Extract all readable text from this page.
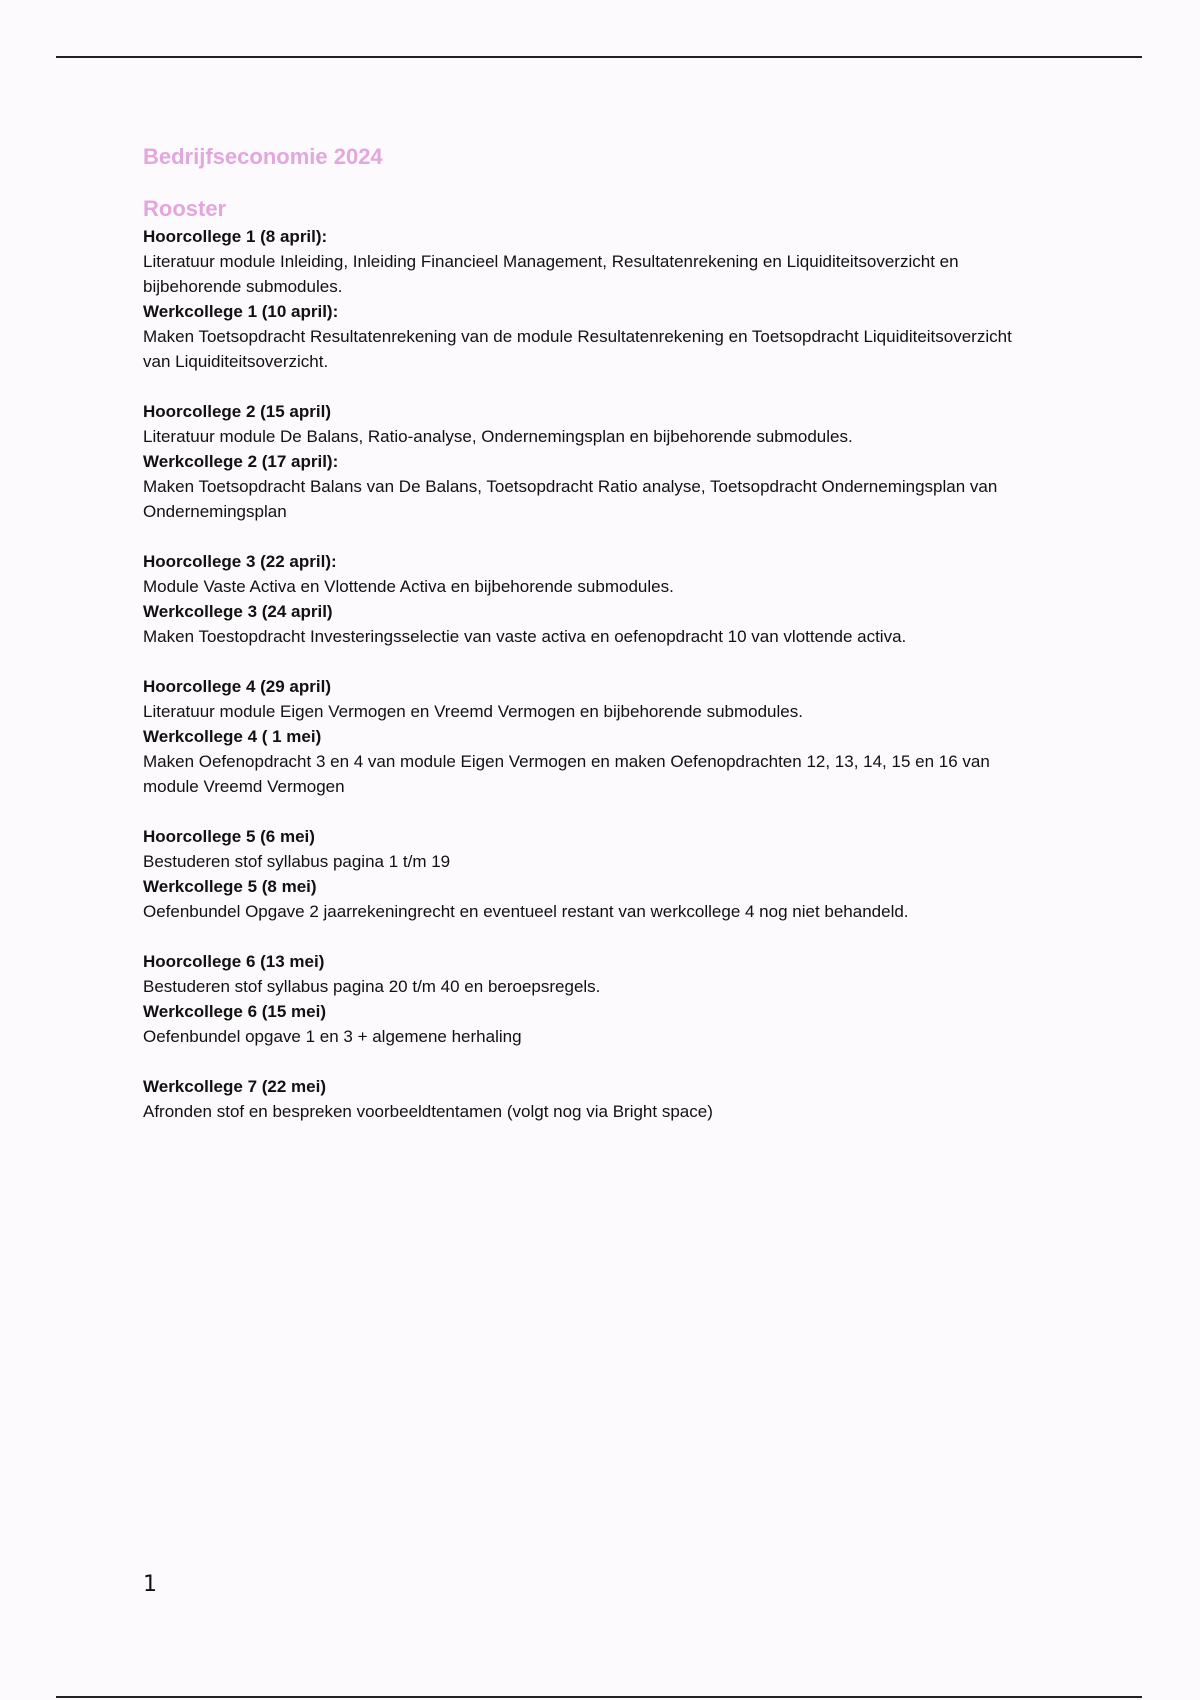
Bedrijfseconomie 2024
Rooster
Hoorcollege 1 (8 april):
Literatuur module Inleiding, Inleiding Financieel Management, Resultatenrekening en Liquiditeitsoverzicht en bijbehorende submodules.
Werkcollege 1 (10 april):
Maken Toetsopdracht Resultatenrekening van de module Resultatenrekening en Toetsopdracht Liquiditeitsoverzicht van Liquiditeitsoverzicht.
Hoorcollege 2 (15 april)
Literatuur module De Balans, Ratio-analyse, Ondernemingsplan en bijbehorende submodules.
Werkcollege 2 (17 april):
Maken Toetsopdracht Balans van De Balans, Toetsopdracht Ratio analyse, Toetsopdracht Ondernemingsplan van Ondernemingsplan
Hoorcollege 3 (22 april):
Module Vaste Activa en Vlottende Activa en bijbehorende submodules.
Werkcollege 3 (24 april)
Maken Toestopdracht Investeringsselectie van vaste activa en oefenopdracht 10 van vlottende activa.
Hoorcollege 4 (29 april)
Literatuur module Eigen Vermogen en Vreemd Vermogen en bijbehorende submodules.
Werkcollege 4 ( 1 mei)
Maken Oefenopdracht 3 en 4 van module Eigen Vermogen en maken Oefenopdrachten 12, 13, 14, 15 en 16 van module Vreemd Vermogen
Hoorcollege 5 (6 mei)
Bestuderen stof syllabus pagina 1 t/m 19
Werkcollege 5 (8 mei)
Oefenbundel Opgave 2 jaarrekeningrecht en eventueel restant van werkcollege 4 nog niet behandeld.
Hoorcollege 6 (13 mei)
Bestuderen stof syllabus pagina 20 t/m 40 en beroepsregels.
Werkcollege 6 (15 mei)
Oefenbundel opgave 1 en 3 + algemene herhaling
Werkcollege 7 (22 mei)
Afronden stof en bespreken voorbeeldtentamen (volgt nog via Bright space)
1
